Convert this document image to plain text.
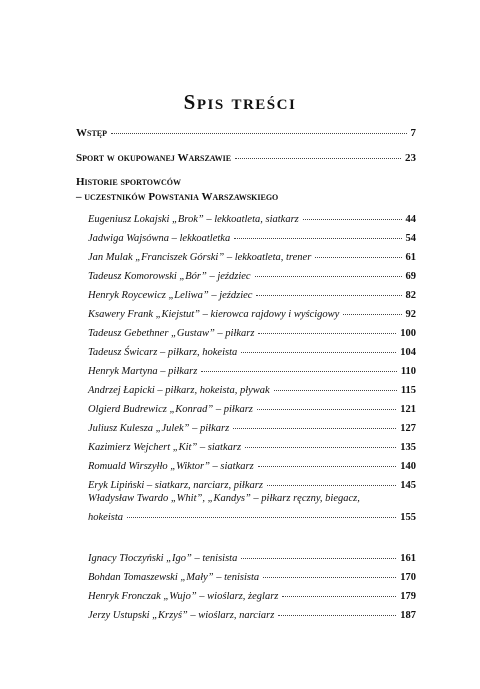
Spis treści
Wstęp	7
Sport w okupowanej Warszawie	23
Historie sportowców
– uczestników Powstania Warszawskiego
Eugeniusz Lokajski „Brok” – lekkoatleta, siatkarz	44
Jadwiga Wajsówna – lekkoatletka	54
Jan Mulak „Franciszek Górski” – lekkoatleta, trener	61
Tadeusz Komorowski „Bór” – jeździec	69
Henryk Roycewicz „Leliwa” – jeździec	82
Ksawery Frank „Kiejstut” – kierowca rajdowy i wyścigowy	92
Tadeusz Gebethner „Gustaw” – piłkarz	100
Tadeusz Świcarz – piłkarz, hokeista	104
Henryk Martyna – piłkarz	110
Andrzej Łapicki – piłkarz, hokeista, pływak	115
Olgierd Budrewicz „Konrad” – piłkarz	121
Juliusz Kulesza „Julek” – piłkarz	127
Kazimierz Wejchert „Kit” – siatkarz	135
Romuald Wirszyłło „Wiktor” – siatkarz	140
Eryk Lipiński – siatkarz, narciarz, piłkarz	145
Władysław Twardo „Whit”, „Kandys” – piłkarz ręczny, biegacz,
hokeista	155
Ignacy Tłoczyński „Igo” – tenisista	161
Bohdan Tomaszewski „Mały” – tenisista	170
Henryk Fronczak „Wujo” – wioślarz, żeglarz	179
Jerzy Ustupski „Krzyś” – wioślarz, narciarz	187
